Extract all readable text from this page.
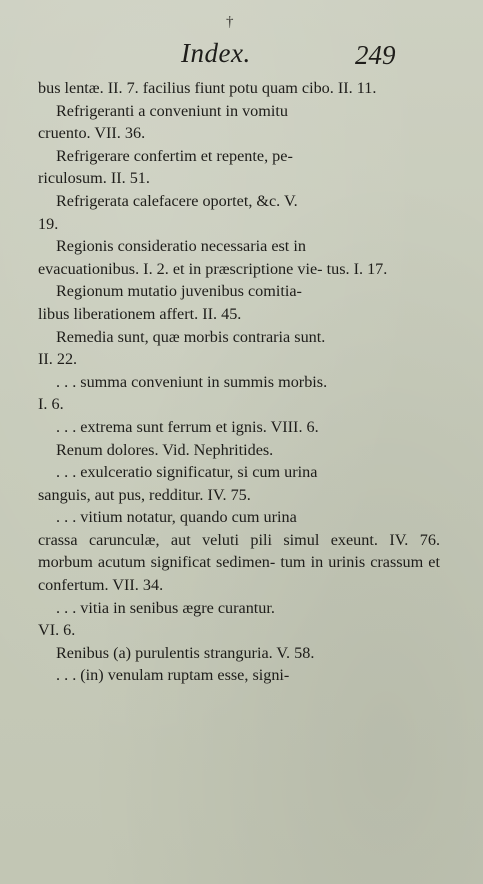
†
Index.	249

bus lentæ. II. 7. facilius fiunt potu quam cibo. II. 11.

Refrigeranti a conveniunt in vomitu
cruento. VII. 36.

Refrigerare confertim et repente, pe-
riculosum. II. 51.

Refrigerata calefacere oportet, &c. V.
19.

Regionis consideratio necessaria est in
evacuationibus. I. 2. et in præscriptione vie- tus. I. 17.

Regionum mutatio juvenibus comitia-
libus liberationem affert. II. 45.

Remedia sunt, quæ morbis contraria sunt.
II. 22.

. . . summa conveniunt in summis morbis.
I. 6.

. . . extrema sunt ferrum et ignis. VIII. 6.

Renum dolores. Vid. Nephritides.

. . . exulceratio significatur, si cum urina
sanguis, aut pus, redditur. IV. 75.

. . . vitium notatur, quando cum urina
crassa carunculæ, aut veluti pili simul exeunt. IV. 76. morbum acutum significat sedimen- tum in urinis crassum et confertum. VII. 34.

. . . vitia in senibus ægre curantur.
VI. 6.

Renibus (a) purulentis stranguria. V. 58.

. . . (in) venulam ruptam esse, signi-
